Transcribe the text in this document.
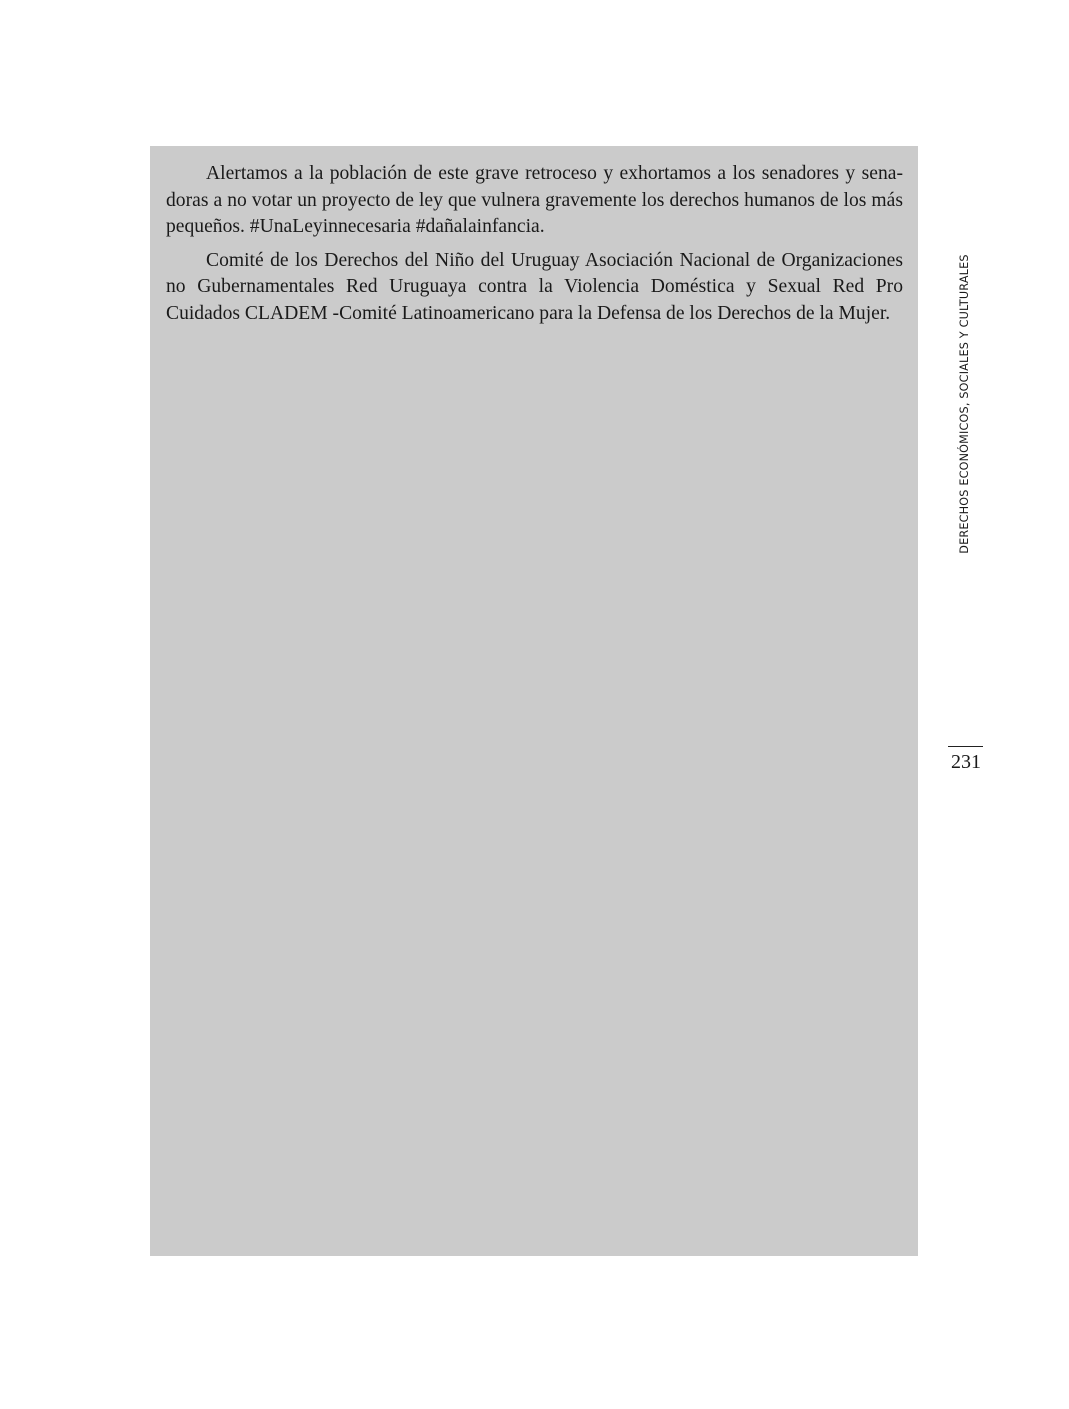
Alertamos a la población de este grave retroceso y exhortamos a los senadores y senadoras a no votar un proyecto de ley que vulnera gravemente los derechos humanos de los más pequeños. #UnaLeyinnecesaria #dañalainfancia.

Comité de los Derechos del Niño del Uruguay Asociación Nacional de Organizaciones no Gubernamentales Red Uruguaya contra la Violencia Doméstica y Sexual Red Pro Cuidados CLADEM -Comité Latinoamericano para la Defensa de los Derechos de la Mujer.	DERECHOS ECONÓMICOS, SOCIALES Y CULTURALES
231
